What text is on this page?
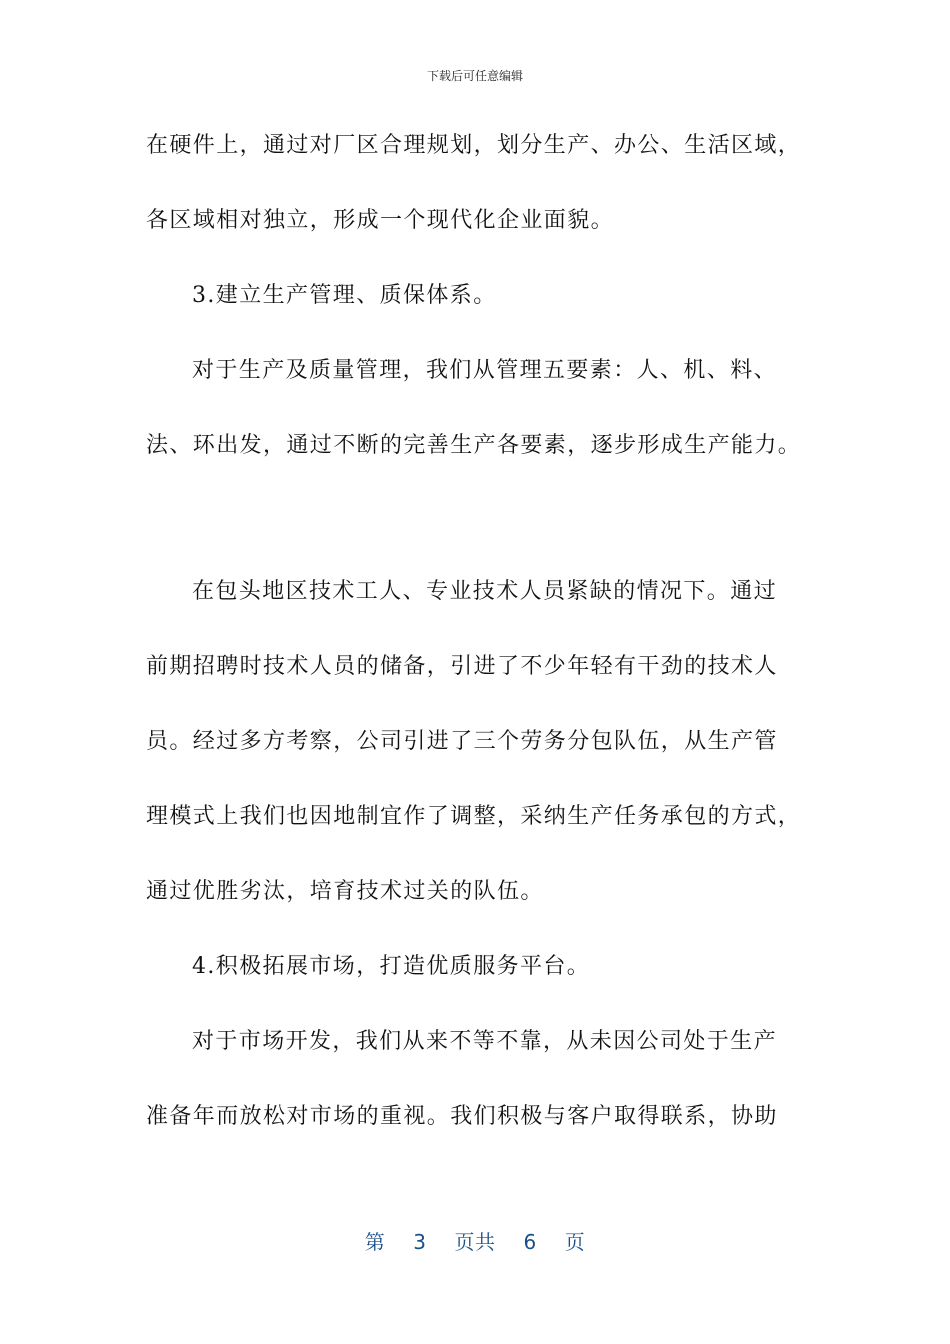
下载后可任意编辑
在硬件上，通过对厂区合理规划，划分生产、办公、生活区域，
各区域相对独立，形成一个现代化企业面貌。
3.建立生产管理、质保体系。
对于生产及质量管理，我们从管理五要素：人、机、料、
法、环出发，通过不断的完善生产各要素，逐步形成生产能力。
在包头地区技术工人、专业技术人员紧缺的情况下。通过
前期招聘时技术人员的储备，引进了不少年轻有干劲的技术人
员。经过多方考察，公司引进了三个劳务分包队伍，从生产管
理模式上我们也因地制宜作了调整，采纳生产任务承包的方式，
通过优胜劣汰，培育技术过关的队伍。
4.积极拓展市场，打造优质服务平台。
对于市场开发，我们从来不等不靠，从未因公司处于生产
准备年而放松对市场的重视。我们积极与客户取得联系，协助
第 3 页共 6 页
